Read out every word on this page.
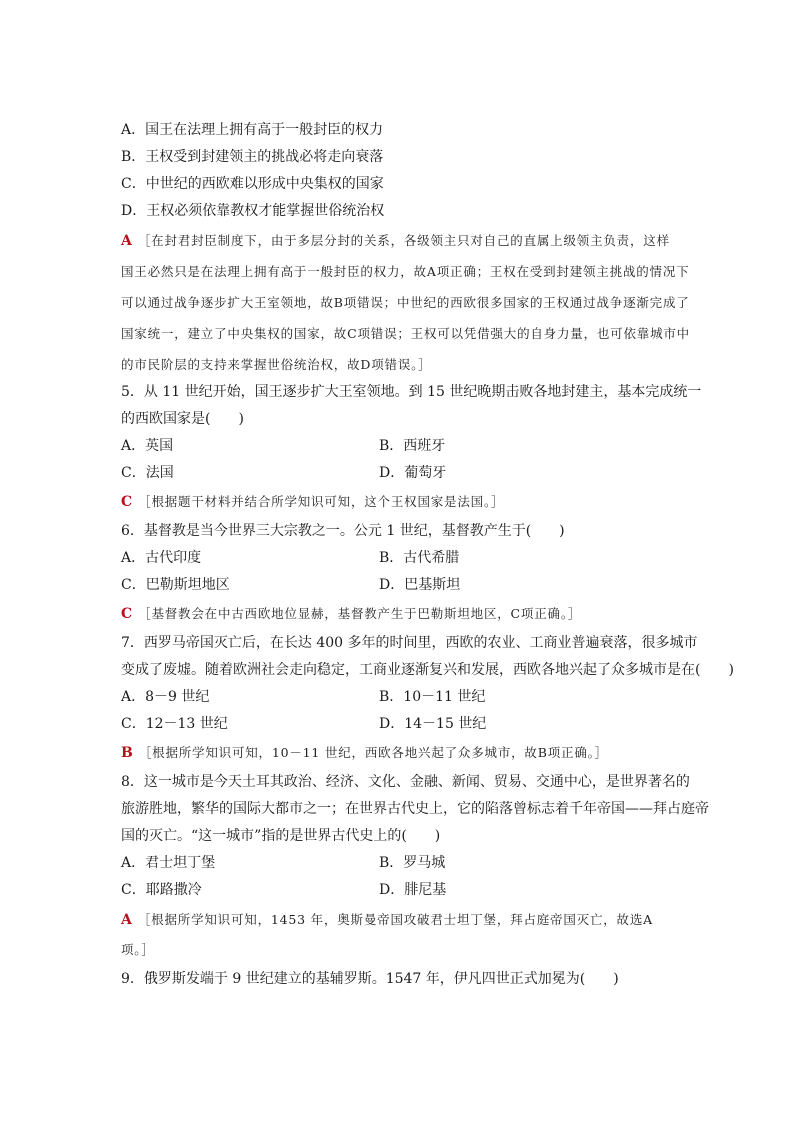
A．国王在法理上拥有高于一般封臣的权力
B．王权受到封建领主的挑战必将走向衰落
C．中世纪的西欧难以形成中央集权的国家
D．王权必须依靠教权才能掌握世俗统治权
A ［在封君封臣制度下，由于多层分封的关系，各级领主只对自己的直属上级领主负责，这样
国王必然只是在法理上拥有高于一般封臣的权力，故A项正确；王权在受到封建领主挑战的情况下
可以通过战争逐步扩大王室领地，故B项错误；中世纪的西欧很多国家的王权通过战争逐渐完成了
国家统一，建立了中央集权的国家，故C项错误；王权可以凭借强大的自身力量，也可依靠城市中
的市民阶层的支持来掌握世俗统治权，故D项错误。］
5．从 11 世纪开始，国王逐步扩大王室领地。到 15 世纪晚期击败各地封建主，基本完成统一
的西欧国家是(　　)
A．英国	B．西班牙
C．法国	D．葡萄牙
C ［根据题干材料并结合所学知识可知，这个王权国家是法国。］
6．基督教是当今世界三大宗教之一。公元 1 世纪，基督教产生于(　　)
A．古代印度	B．古代希腊
C．巴勒斯坦地区	D．巴基斯坦
C ［基督教会在中古西欧地位显赫，基督教产生于巴勒斯坦地区，C项正确。］
7．西罗马帝国灭亡后，在长达 400 多年的时间里，西欧的农业、工商业普遍衰落，很多城市
变成了废墟。随着欧洲社会走向稳定，工商业逐渐复兴和发展，西欧各地兴起了众多城市是在(　　)
A．8－9 世纪	B．10－11 世纪
C．12－13 世纪	D．14－15 世纪
B ［根据所学知识可知，10－11 世纪，西欧各地兴起了众多城市，故B项正确。］
8．这一城市是今天土耳其政治、经济、文化、金融、新闻、贸易、交通中心，是世界著名的
旅游胜地，繁华的国际大都市之一；在世界古代史上，它的陷落曾标志着千年帝国——拜占庭帝
国的灭亡。“这一城市”指的是世界古代史上的(　　)
A．君士坦丁堡	B．罗马城
C．耶路撒冷	D．腓尼基
A ［根据所学知识可知，1453 年，奥斯曼帝国攻破君士坦丁堡，拜占庭帝国灭亡，故选A
项。］
9．俄罗斯发端于 9 世纪建立的基辅罗斯。1547 年，伊凡四世正式加冕为(　　)
